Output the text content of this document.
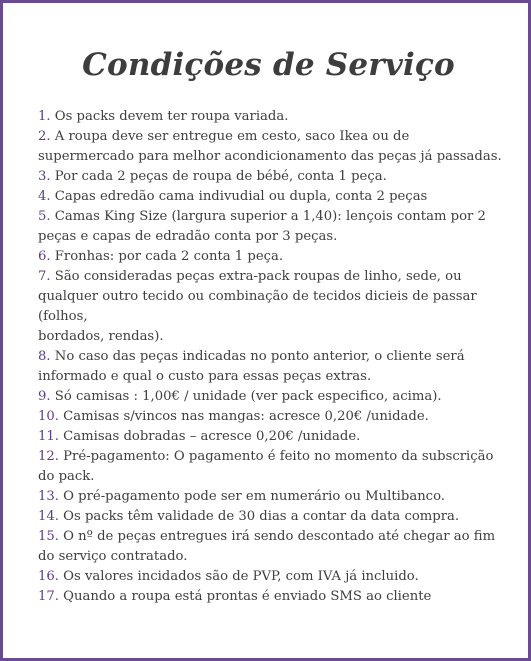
Condições de Serviço
1. Os packs devem ter roupa variada.
2. A roupa deve ser entregue em cesto, saco Ikea ou de supermercado para melhor acondicionamento das peças já passadas.
3. Por cada 2 peças de roupa de bébé, conta 1 peça.
4. Capas edredão cama indivudial ou dupla, conta 2 peças
5. Camas King Size (largura superior a 1,40): lençois contam por 2 peças e capas de edradão conta por 3 peças.
6. Fronhas: por cada 2 conta 1 peça.
7. São consideradas peças extra-pack roupas de linho, sede, ou qualquer outro tecido ou combinação de tecidos dicieis de passar
(folhos,
bordados, rendas).
8. No caso das peças indicadas no ponto anterior, o cliente será informado e qual o custo para essas peças extras.
9. Só camisas : 1,00€ / unidade (ver pack especifico, acima).
10. Camisas s/vincos nas mangas: acresce 0,20€ /unidade.
11. Camisas dobradas – acresce 0,20€ /unidade.
12. Pré-pagamento: O pagamento é feito no momento da subscrição do pack.
13. O pré-pagamento pode ser em numerário ou Multibanco.
14. Os packs têm validade de 30 dias a contar da data compra.
15. O nº de peças entregues irá sendo descontado até chegar ao fim do serviço contratado.
16. Os valores incidados são de PVP, com IVA já incluido.
17. Quando a roupa está prontas é enviado SMS ao cliente
